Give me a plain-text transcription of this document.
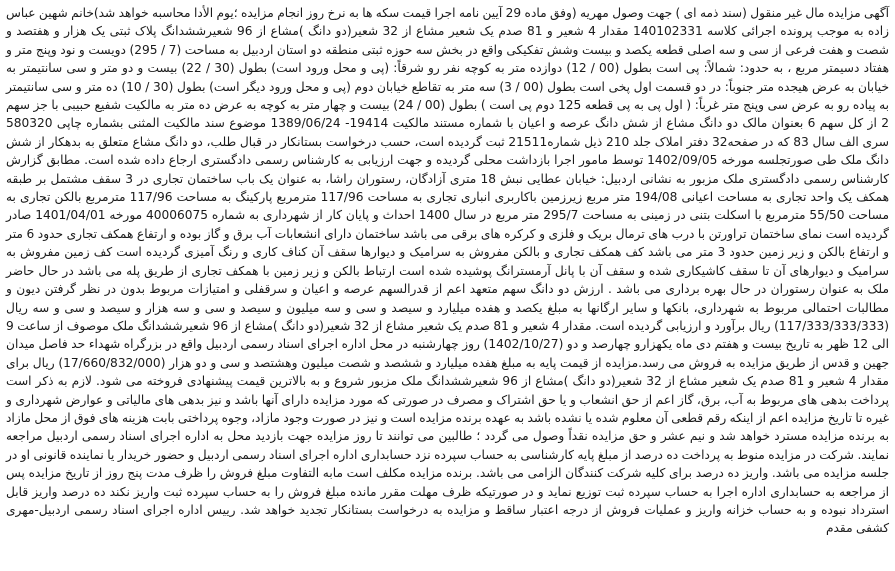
آگهی مزایده مال غیر منقول (سند ذمه ای ) جهت وصول مهریه (وفق ماده 29 آیین نامه اجرا قیمت سکه ها به نرخ روز انجام مزایده ؛یوم الأدا محاسبه خواهد شد)خانم شهین عباس زاده به موجب پرونده اجرائی کلاسه 140102331 مقدار 4 شعیر و 81 صدم یک شعیر مشاع از 32 شعیر(دو دانگ )مشاع از 96 شعیرششدانگ پلاک ثبتی یک هزار و هفتصد و شصت و هفت فرعی از سی و سه اصلی قطعه یکصد و بیست وشش تفکیکی واقع در بخش سه حوزه ثبتی منطقه دو استان اردبیل به مساحت (7 / 295) دویست و نود وپنج متر و هفتاد دسیمتر مربع ، به حدود: شمالاً: پی است بطول (00 / 12) دوازده متر به کوچه نفر رو شرقاً: (پی و محل ورود است) بطول (30 / 22) بیست و دو متر و سی سانتیمتر به خیابان به عرض هیجده متر جنوباً: در دو قسمت اول پخی است بطول (00 / 3) سه متر به تقاطع خیابان دوم (پی و محل ورود دیگر است) بطول (30 / 10) ده متر و سی سانتیمتر به پیاده رو به عرض سی وپنج متر غرباً: ( اول پی به پی قطعه 125 دوم پی است ) بطول (00 / 24) بیست و چهار متر به کوچه به عرض ده متر به مالکیت شفیع حبیبی با جز سهم 2 از کل سهم 6 بعنوان مالک دو دانگ مشاع از شش دانگ عرصه و اعیان با شماره مستند مالکیت 19414- 1389/06/24 موضوع سند مالکیت المثنی بشماره چاپی 580320 سری الف سال 83 که در صفحه32 دفتر املاک جلد 210 ذیل شماره21511 ثبت گردیده است، حسب درخواست بستانکار در قبال طلب، دو دانگ مشاع متعلق به بدهکار از شش دانگ ملک طی صورتجلسه مورخه 1402/09/05 توسط مامور اجرا بازداشت محلی گردیده و جهت ارزیابی به کارشناس رسمی دادگستری ارجاع داده شده است. مطابق گزارش کارشناس رسمی دادگستری ملک مزبور به نشانی اردبیل: خیابان عطایی نبش 18 متری آزادگان، رستوران راشا، به عنوان یک باب ساختمان تجاری در 3 سقف مشتمل بر طبقه همکف یک واحد تجاری به مساحت اعیانی 194/08 متر مربع زیرزمین باکاربری انباری تجاری به مساحت 117/96 مترمربع پارکینگ به مساحت 117/96 مترمربع بالکن تجاری به مساحت 55/50 مترمربع با اسکلت بتنی در زمینی به مساحت 295/7 متر مربع در سال 1400 احداث و پایان کار از شهرداری به شماره 40006075 مورخه 1401/04/01 صادر گردیده است نمای ساختمان تراورتن با درب های ترمال بریک و فلزی و کرکره های برقی می باشد ساختمان دارای انشعابات آب برق و گاز بوده و ارتفاع همکف تجاری حدود 6 متر و ارتفاع بالکن و زیر زمین حدود 3 متر می باشد کف همکف تجاری و بالکن مفروش به سرامیک و دیوارها سقف آن کناف کاری و رنگ آمیزی گردیده است کف زمین مفروش به سرامیک و دیوارهای آن تا سقف کاشیکاری شده و سقف آن با پانل آرمسترانگ پوشیده شده است ارتباط بالکن و زیر زمین با همکف تجاری از طریق پله می باشد در حال حاضر ملک به عنوان رستوران در حال بهره برداری می باشد . ارزش دو دانگ سهم متعهد اعم از قدرالسهم عرصه و اعیان و سرقفلی و امتیازات مربوط بدون در نظر گرفتن دیون و مطالبات احتمالی مربوط به شهرداری، بانکها و سایر ارگانها به مبلغ یکصد و هفده میلیارد و سیصد و سی و سه میلیون و سیصد و سی و سه هزار و سیصد و سی و سه ریال (117/333/333/333) ریال برآورد و ارزیابی گردیده است. مقدار 4 شعیر و 81 صدم یک شعیر مشاع از 32 شعیر(دو دانگ )مشاع از 96 شعیرششدانگ ملک موصوف از ساعت 9 الی 12 ظهر به تاریخ بیست و هفتم دی ماه یکهزارو چهارصد و دو (1402/10/27) روز چهارشنبه در محل اداره اجرای اسناد رسمی اردبیل واقع در بزرگراه شهداء حد فاصل میدان جهین و قدس از طریق مزایده به فروش می رسد.مزایده از قیمت پایه به مبلغ هفده میلیارد و ششصد و شصت میلیون وهشتصد و سی و دو هزار (17/660/832/000) ریال برای مقدار 4 شعیر و 81 صدم یک شعیر مشاع از 32 شعیر(دو دانگ )مشاع از 96 شعیرششدانگ ملک مزبور شروع و به بالاترین قیمت پیشنهادی فروخته می شود. لازم به ذکر است پرداخت بدهی های مربوط به آب، برق، گاز اعم از حق انشعاب و یا حق اشتراک و مصرف در صورتی که مورد مزایده دارای آنها باشد و نیز بدهی های مالیاتی و عوارض شهرداری و غیره تا تاریخ مزایده اعم از اینکه رقم قطعی آن معلوم شده یا نشده باشد به عهده برنده مزایده است و نیز در صورت وجود مازاد، وجوه پرداختی بابت هزینه های فوق از محل مازاد به برنده مزایده مسترد خواهد شد و نیم عشر و حق مزایده نقداً وصول می گردد ؛ طالبین می توانند تا روز مزایده جهت بازدید محل به اداره اجرای اسناد رسمی اردبیل مراجعه نمایند. شرکت در مزایده منوط به پرداخت ده درصد از مبلغ پایه کارشناسی به حساب سپرده نزد حسابداری اداره اجرای اسناد رسمی اردبیل و حضور خریدار یا نماینده قانونی او در جلسه مزایده می باشد. واریز ده درصد برای کلیه شرکت کنندگان الزامی می باشد. برنده مزایده مکلف است مابه التفاوت مبلغ فروش را ظرف مدت پنج روز از تاریخ مزایده پس از مراجعه به حسابداری اداره اجرا به حساب سپرده ثبت توزیع نماید و در صورتیکه ظرف مهلت مقرر مانده مبلغ فروش را به حساب سپرده ثبت واریز نکند ده درصد واریز قابل استرداد نبوده و به حساب خزانه واریز و عملیات فروش از درجه اعتبار ساقط و مزایده به درخواست بستانکار تجدید خواهد شد. رییس اداره اجرای اسناد رسمی اردبیل-مهری کشفی مقدم
